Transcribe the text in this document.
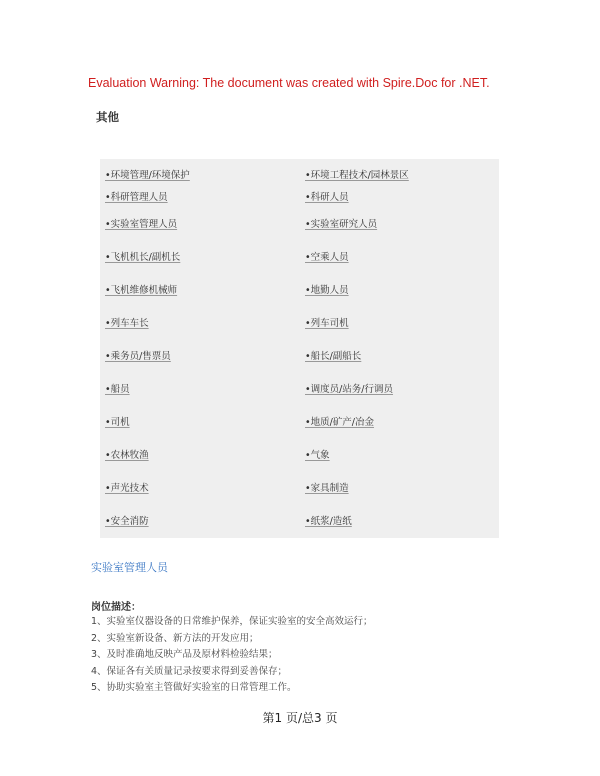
Evaluation Warning: The document was created with Spire.Doc for .NET.
其他
•环境管理/环境保护
•科研管理人员
•实验室管理人员
•飞机机长/副机长
•飞机维修机械师
•列车车长
•乘务员/售票员
•船员
•司机
•农林牧渔
•声光技术
•安全消防
•环境工程技术/园林景区
•科研人员
•实验室研究人员
•空乘人员
•地勤人员
•列车司机
•船长/副船长
•调度员/站务/行调员
•地质/矿产/冶金
•气象
•家具制造
•纸浆/造纸
实验室管理人员
岗位描述：
1、实验室仪器设备的日常维护保养，保证实验室的安全高效运行；
2、实验室新设备、新方法的开发应用；
3、及时准确地反映产品及原材料检验结果；
4、保证各有关质量记录按要求得到妥善保存；
5、协助实验室主管做好实验室的日常管理工作。
第1 页/总3 页
